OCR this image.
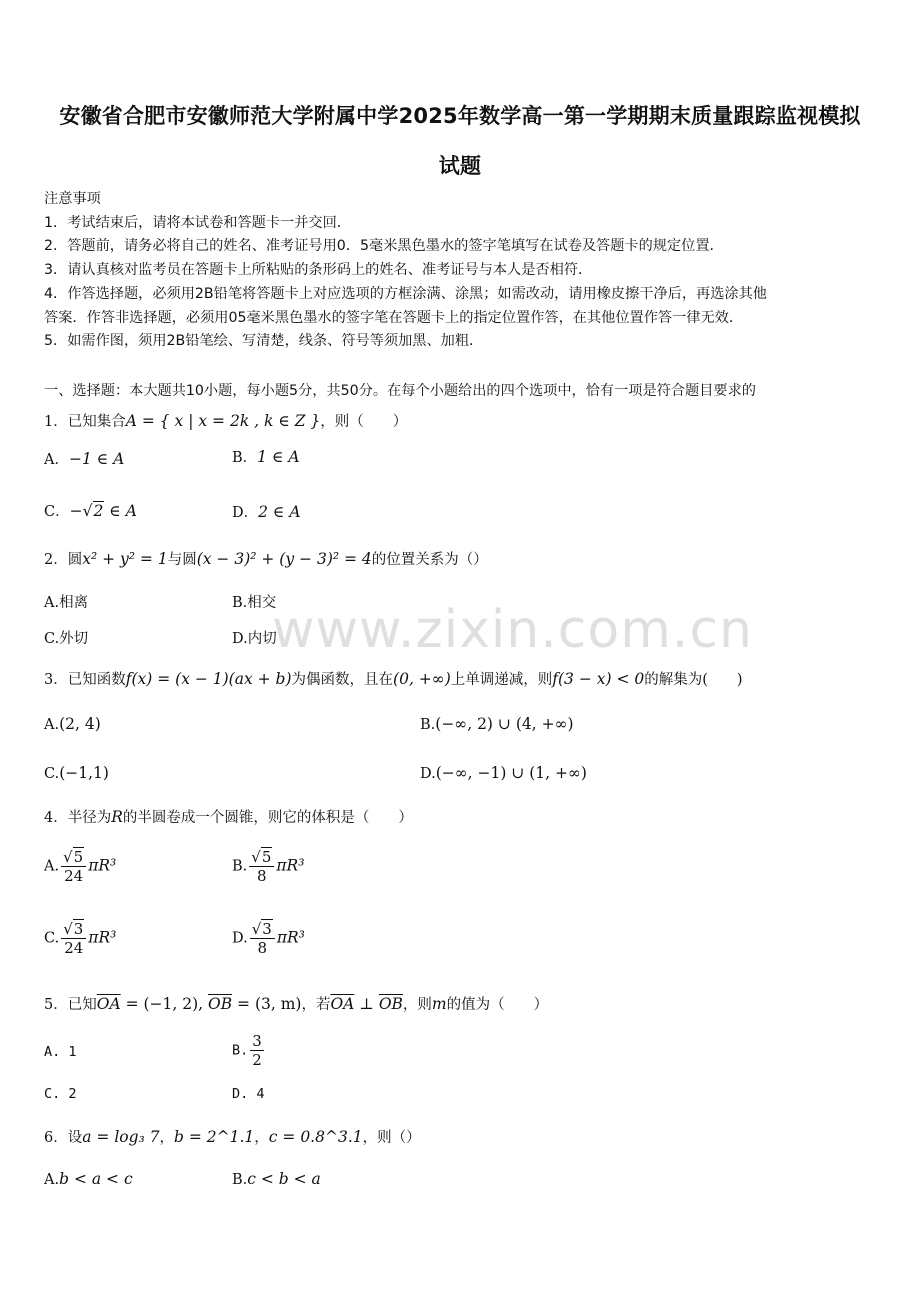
安徽省合肥市安徽师范大学附属中学2025年数学高一第一学期期末质量跟踪监视模拟
试题
注意事项
1．考试结束后，请将本试卷和答题卡一并交回．
2．答题前，请务必将自己的姓名、准考证号用0．5毫米黑色墨水的签字笔填写在试卷及答题卡的规定位置．
3．请认真核对监考员在答题卡上所粘贴的条形码上的姓名、准考证号与本人是否相符．
4．作答选择题，必须用2B铅笔将答题卡上对应选项的方框涂满、涂黑；如需改动，请用橡皮擦干净后，再选涂其他
答案．作答非选择题，必须用05毫米黑色墨水的签字笔在答题卡上的指定位置作答，在其他位置作答一律无效．
5．如需作图，须用2B铅笔绘、写清楚，线条、符号等须加黑、加粗．
一、选择题：本大题共10小题，每小题5分，共50分。在每个小题给出的四个选项中，恰有一项是符合题目要求的
www.zixin.com.cn
1．已知集合A = { x | x = 2k , k ∈ Z }，则（　　）
A．−1 ∈ A	B．1 ∈ A
C．−√2 ∈ A	D．2 ∈ A
2．圆x² + y² = 1与圆(x − 3)² + (y − 3)² = 4的位置关系为（）
A.相离	B.相交
C.外切	D.内切
3．已知函数f(x) = (x − 1)(ax + b)为偶函数，且在(0, +∞)上单调递减，则f(3 − x) < 0的解集为(　　)
A.(2, 4)	B.(−∞, 2) ∪ (4, +∞)
C.(−1,1)	D.(−∞, −1) ∪ (1, +∞)
4．半径为R的半圆卷成一个圆锥，则它的体积是（　　）
A. $\frac{√5}{24} \pi R^3$	B. $\frac{√5}{8} \pi R^3$
C. $\frac{√3}{24} \pi R^3$	D. $\frac{√3}{8} \pi R^3$
5．已知$\overline{OA} = (-1$, 2), $\overline{OB} = (3$, m)，若$\overline{OA}$ ⊥ $\overline{OB}$，则m的值为（　　）
A. 1	B. $\frac{3}{2}$
C. 2	D. 4
6．设a = log₃ 7，b = 2^1.1，c = 0.8^3.1，则（）
A.b < a < c	B.c < b < a
